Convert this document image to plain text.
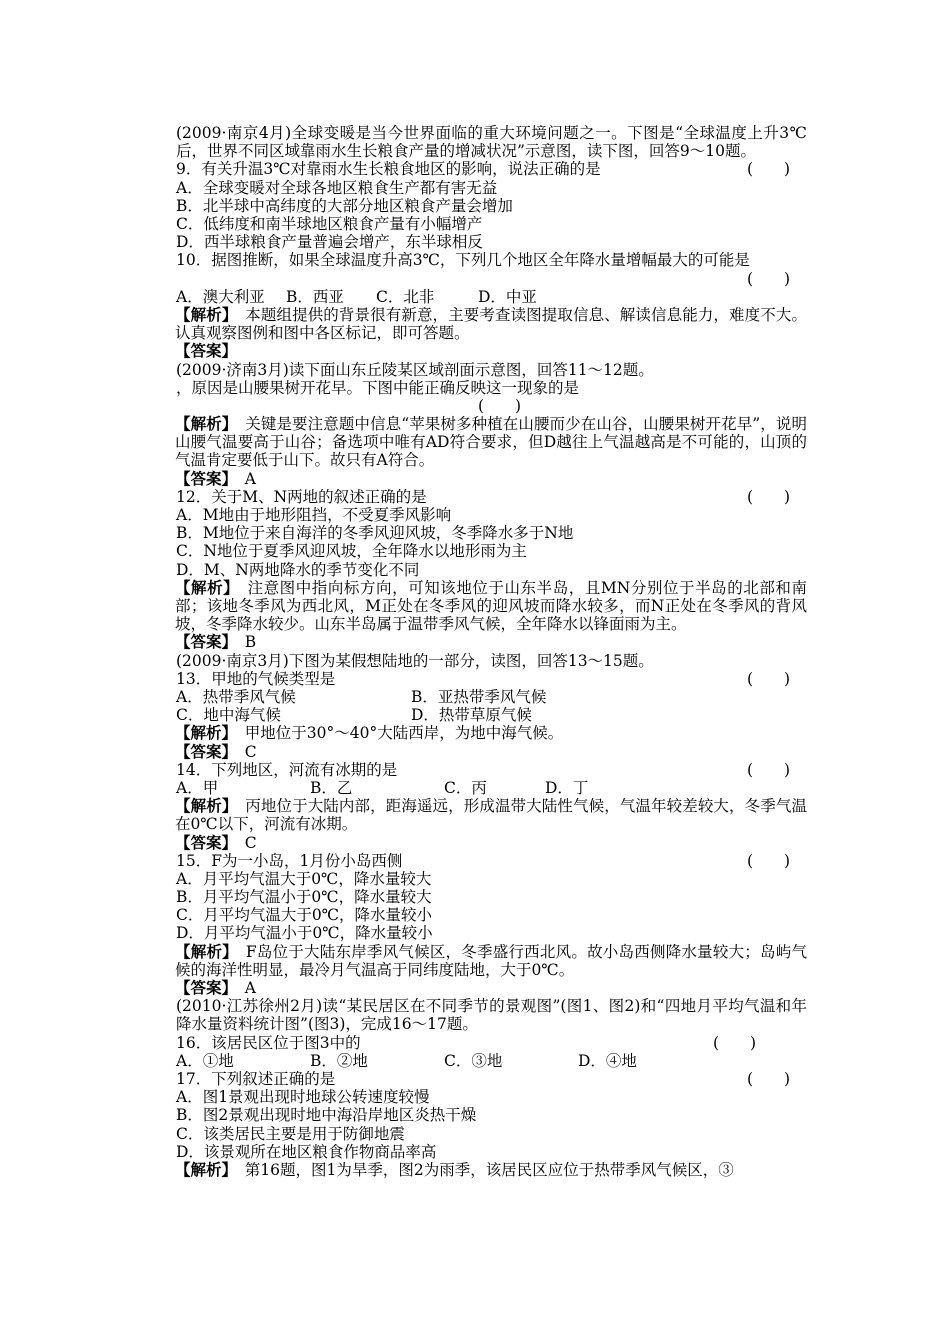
(2009·南京4月)全球变暖是当今世界面临的重大环境问题之一。下图是“全球温度上升3℃后，世界不同区域靠雨水生长粮食产量的增减状况”示意图，读下图，回答9～10题。
9．有关升温3℃对靠雨水生长粮食地区的影响，说法正确的是	(　　)
A．全球变暖对全球各地区粮食生产都有害无益
B．北半球中高纬度的大部分地区粮食产量会增加
C．低纬度和南半球地区粮食产量有小幅增产
D．西半球粮食产量普遍会增产，东半球相反
10．据图推断，如果全球温度升高3℃，下列几个地区全年降水量增幅最大的可能是
(　　)
A．澳大利亚 B．西亚 C．北非	D．中亚
【解析】　 本题组提供的背景很有新意，主要考查读图提取信息、解读信息能力，难度不大。认真观察图例和图中各区标记，即可答题。
【答案】
(2009·济南3月)读下面山东丘陵某区域剖面示意图，回答11～12题。
，原因是山腰果树开花早。下图中能正确反映这一现象的是
(　　)
【解析】　 关键是要注意题中信息“苹果树多种植在山腰而少在山谷，山腰果树开花早”，说明山腰气温要高于山谷；备选项中唯有AD符合要求，但D越往上气温越高是不可能的，山顶的气温肯定要低于山下。故只有A符合。
【答案】　 A
12．关于M、N两地的叙述正确的是	(　　)
A．M地由于地形阻挡，不受夏季风影响
B．M地位于来自海洋的冬季风迎风坡，冬季降水多于N地
C．N地位于夏季风迎风坡，全年降水以地形雨为主
D．M、N两地降水的季节变化不同
【解析】　 注意图中指向标方向，可知该地位于山东半岛，且MN分别位于半岛的北部和南部；该地冬季风为西北风，M正处在冬季风的迎风坡而降水较多，而N正处在冬季风的背风坡，冬季降水较少。山东半岛属于温带季风气候，全年降水以锋面雨为主。
【答案】　 B
(2009·南京3月)下图为某假想陆地的一部分，读图，回答13～15题。
13．甲地的气候类型是	(　　)
A．热带季风气候	B．亚热带季风气候
C．地中海气候	D．热带草原气候
【解析】　 甲地位于30°～40°大陆西岸，为地中海气候。
【答案】　 C
14．下列地区，河流有冰期的是	(　　)
A．甲	B．乙	C．丙	D．丁
【解析】　 丙地位于大陆内部，距海遥远，形成温带大陆性气候，气温年较差较大，冬季气温在0℃以下，河流有冰期。
【答案】　 C
15．F为一小岛，1月份小岛西侧	(　　)
A．月平均气温大于0℃，降水量较大
B．月平均气温小于0℃，降水量较大
C．月平均气温大于0℃，降水量较小
D．月平均气温小于0℃，降水量较小
【解析】　 F岛位于大陆东岸季风气候区，冬季盛行西北风。故小岛西侧降水量较大；岛屿气候的海洋性明显，最冷月气温高于同纬度陆地，大于0℃。
【答案】　 A
(2010·江苏徐州2月)读“某民居区在不同季节的景观图”(图1、图2)和“四地月平均气温和年降水量资料统计图”(图3)，完成16～17题。
16．该居民区位于图3中的	(　　)
A．①地	B．②地	C．③地	D．④地
17．下列叙述正确的是	(　　)
A．图1景观出现时地球公转速度较慢
B．图2景观出现时地中海沿岸地区炎热干燥
C．该类居民主要是用于防御地震
D．该景观所在地区粮食作物商品率高
【解析】　 第16题，图1为旱季，图2为雨季，该居民区应位于热带季风气候区，③
